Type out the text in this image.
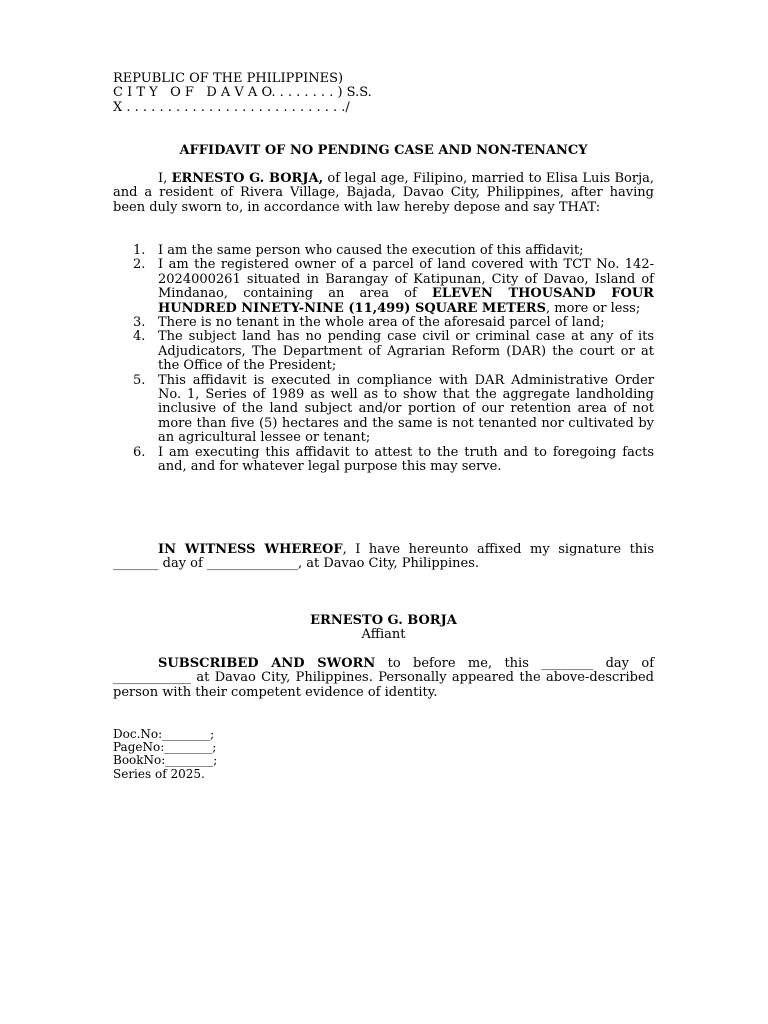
REPUBLIC OF THE PHILIPPINES)
C I T Y   O F   D A V A O. . . . . . . . ) S.S.
X . . . . . . . . . . . . . . . . . . . . . . . . . . ./
AFFIDAVIT OF NO PENDING CASE AND NON-TENANCY
I, ERNESTO G. BORJA, of legal age, Filipino, married to Elisa Luis Borja, and a resident of Rivera Village, Bajada, Davao City, Philippines, after having been duly sworn to, in accordance with law hereby depose and say THAT:
1. I am the same person who caused the execution of this affidavit;
2. I am the registered owner of a parcel of land covered with TCT No. 142-2024000261 situated in Barangay of Katipunan, City of Davao, Island of Mindanao, containing an area of ELEVEN THOUSAND FOUR HUNDRED NINETY-NINE (11,499) SQUARE METERS, more or less;
3. There is no tenant in the whole area of the aforesaid parcel of land;
4. The subject land has no pending case civil or criminal case at any of its Adjudicators, The Department of Agrarian Reform (DAR) the court or at the Office of the President;
5. This affidavit is executed in compliance with DAR Administrative Order No. 1, Series of 1989 as well as to show that the aggregate landholding inclusive of the land subject and/or portion of our retention area of not more than five (5) hectares and the same is not tenanted nor cultivated by an agricultural lessee or tenant;
6. I am executing this affidavit to attest to the truth and to foregoing facts and, and for whatever legal purpose this may serve.
IN WITNESS WHEREOF, I have hereunto affixed my signature this _______ day of ______________, at Davao City, Philippines.
ERNESTO G. BORJA
Affiant
SUBSCRIBED AND SWORN to before me, this ________ day of ____________ at Davao City, Philippines. Personally appeared the above-described person with their competent evidence of identity.
Doc.No:________;
PageNo:________;
BookNo:________;
Series of 2025.
